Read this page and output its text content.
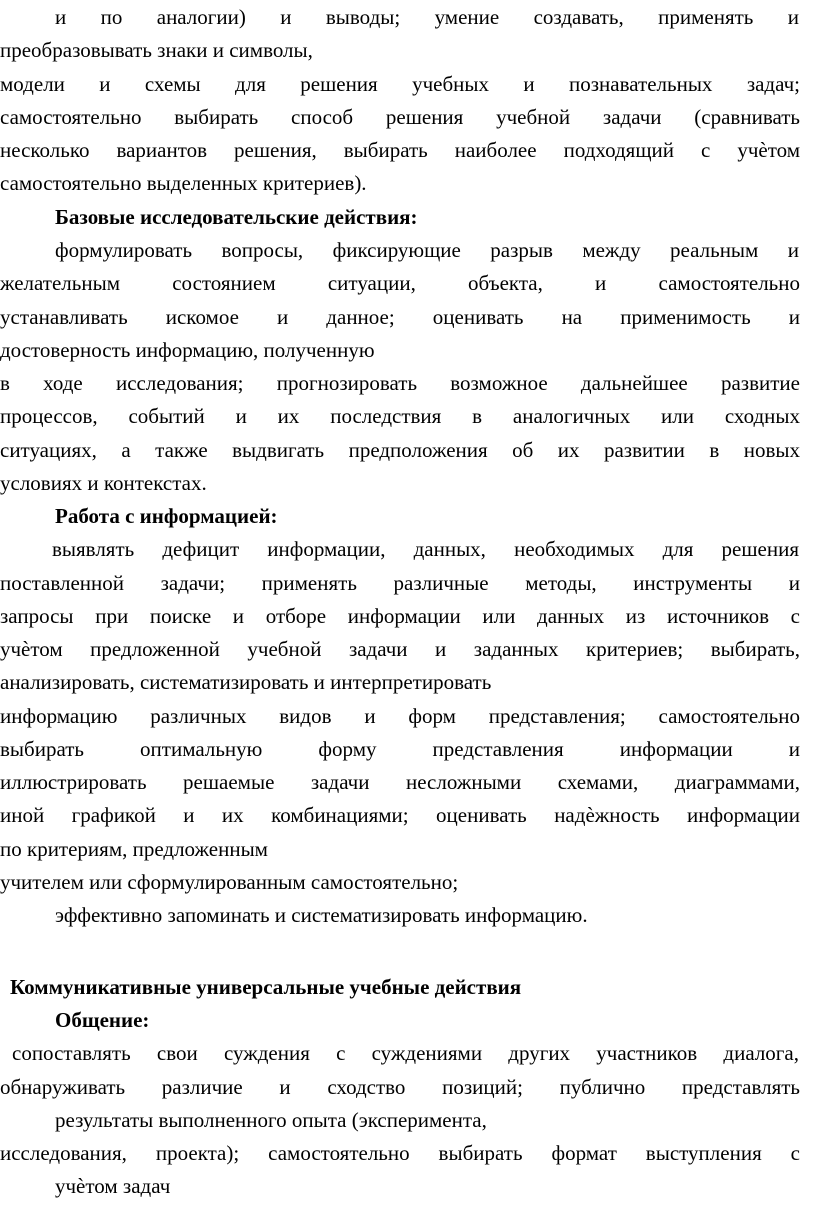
и по аналогии) и выводы; умение создавать, применять и
преобразовывать знаки и символы,
модели и схемы для решения учебных и познавательных задач;
самостоятельно выбирать способ решения учебной задачи (сравнивать
несколько вариантов решения, выбирать наиболее подходящий с учѐтом
самостоятельно выделенных критериев).
Базовые исследовательские действия:
формулировать вопросы, фиксирующие разрыв между реальным и
желательным состоянием ситуации, объекта, и самостоятельно
устанавливать искомое и данное; оценивать на применимость и
достоверность информацию, полученную
в ходе исследования; прогнозировать возможное дальнейшее развитие
процессов, событий и их последствия в аналогичных или сходных
ситуациях, а также выдвигать предположения об их развитии в новых
условиях и контекстах.
Работа с информацией:
выявлять дефицит информации, данных, необходимых для решения
поставленной задачи; применять различные методы, инструменты и
запросы при поиске и отборе информации или данных из источников с
учѐтом предложенной учебной задачи и заданных критериев; выбирать,
анализировать, систематизировать и интерпретировать
информацию различных видов и форм представления; самостоятельно
выбирать оптимальную форму представления информации и
иллюстрировать решаемые задачи несложными схемами, диаграммами,
иной графикой и их комбинациями; оценивать надѐжность информации
по критериям, предложенным
учителем или сформулированным самостоятельно;
эффективно запоминать и систематизировать информацию.
Коммуникативные универсальные учебные действия
Общение:
сопоставлять свои суждения с суждениями других участников диалога,
обнаруживать различие и сходство позиций; публично представлять
результаты выполненного опыта (эксперимента,
исследования, проекта); самостоятельно выбирать формат выступления с
учѐтом задач
